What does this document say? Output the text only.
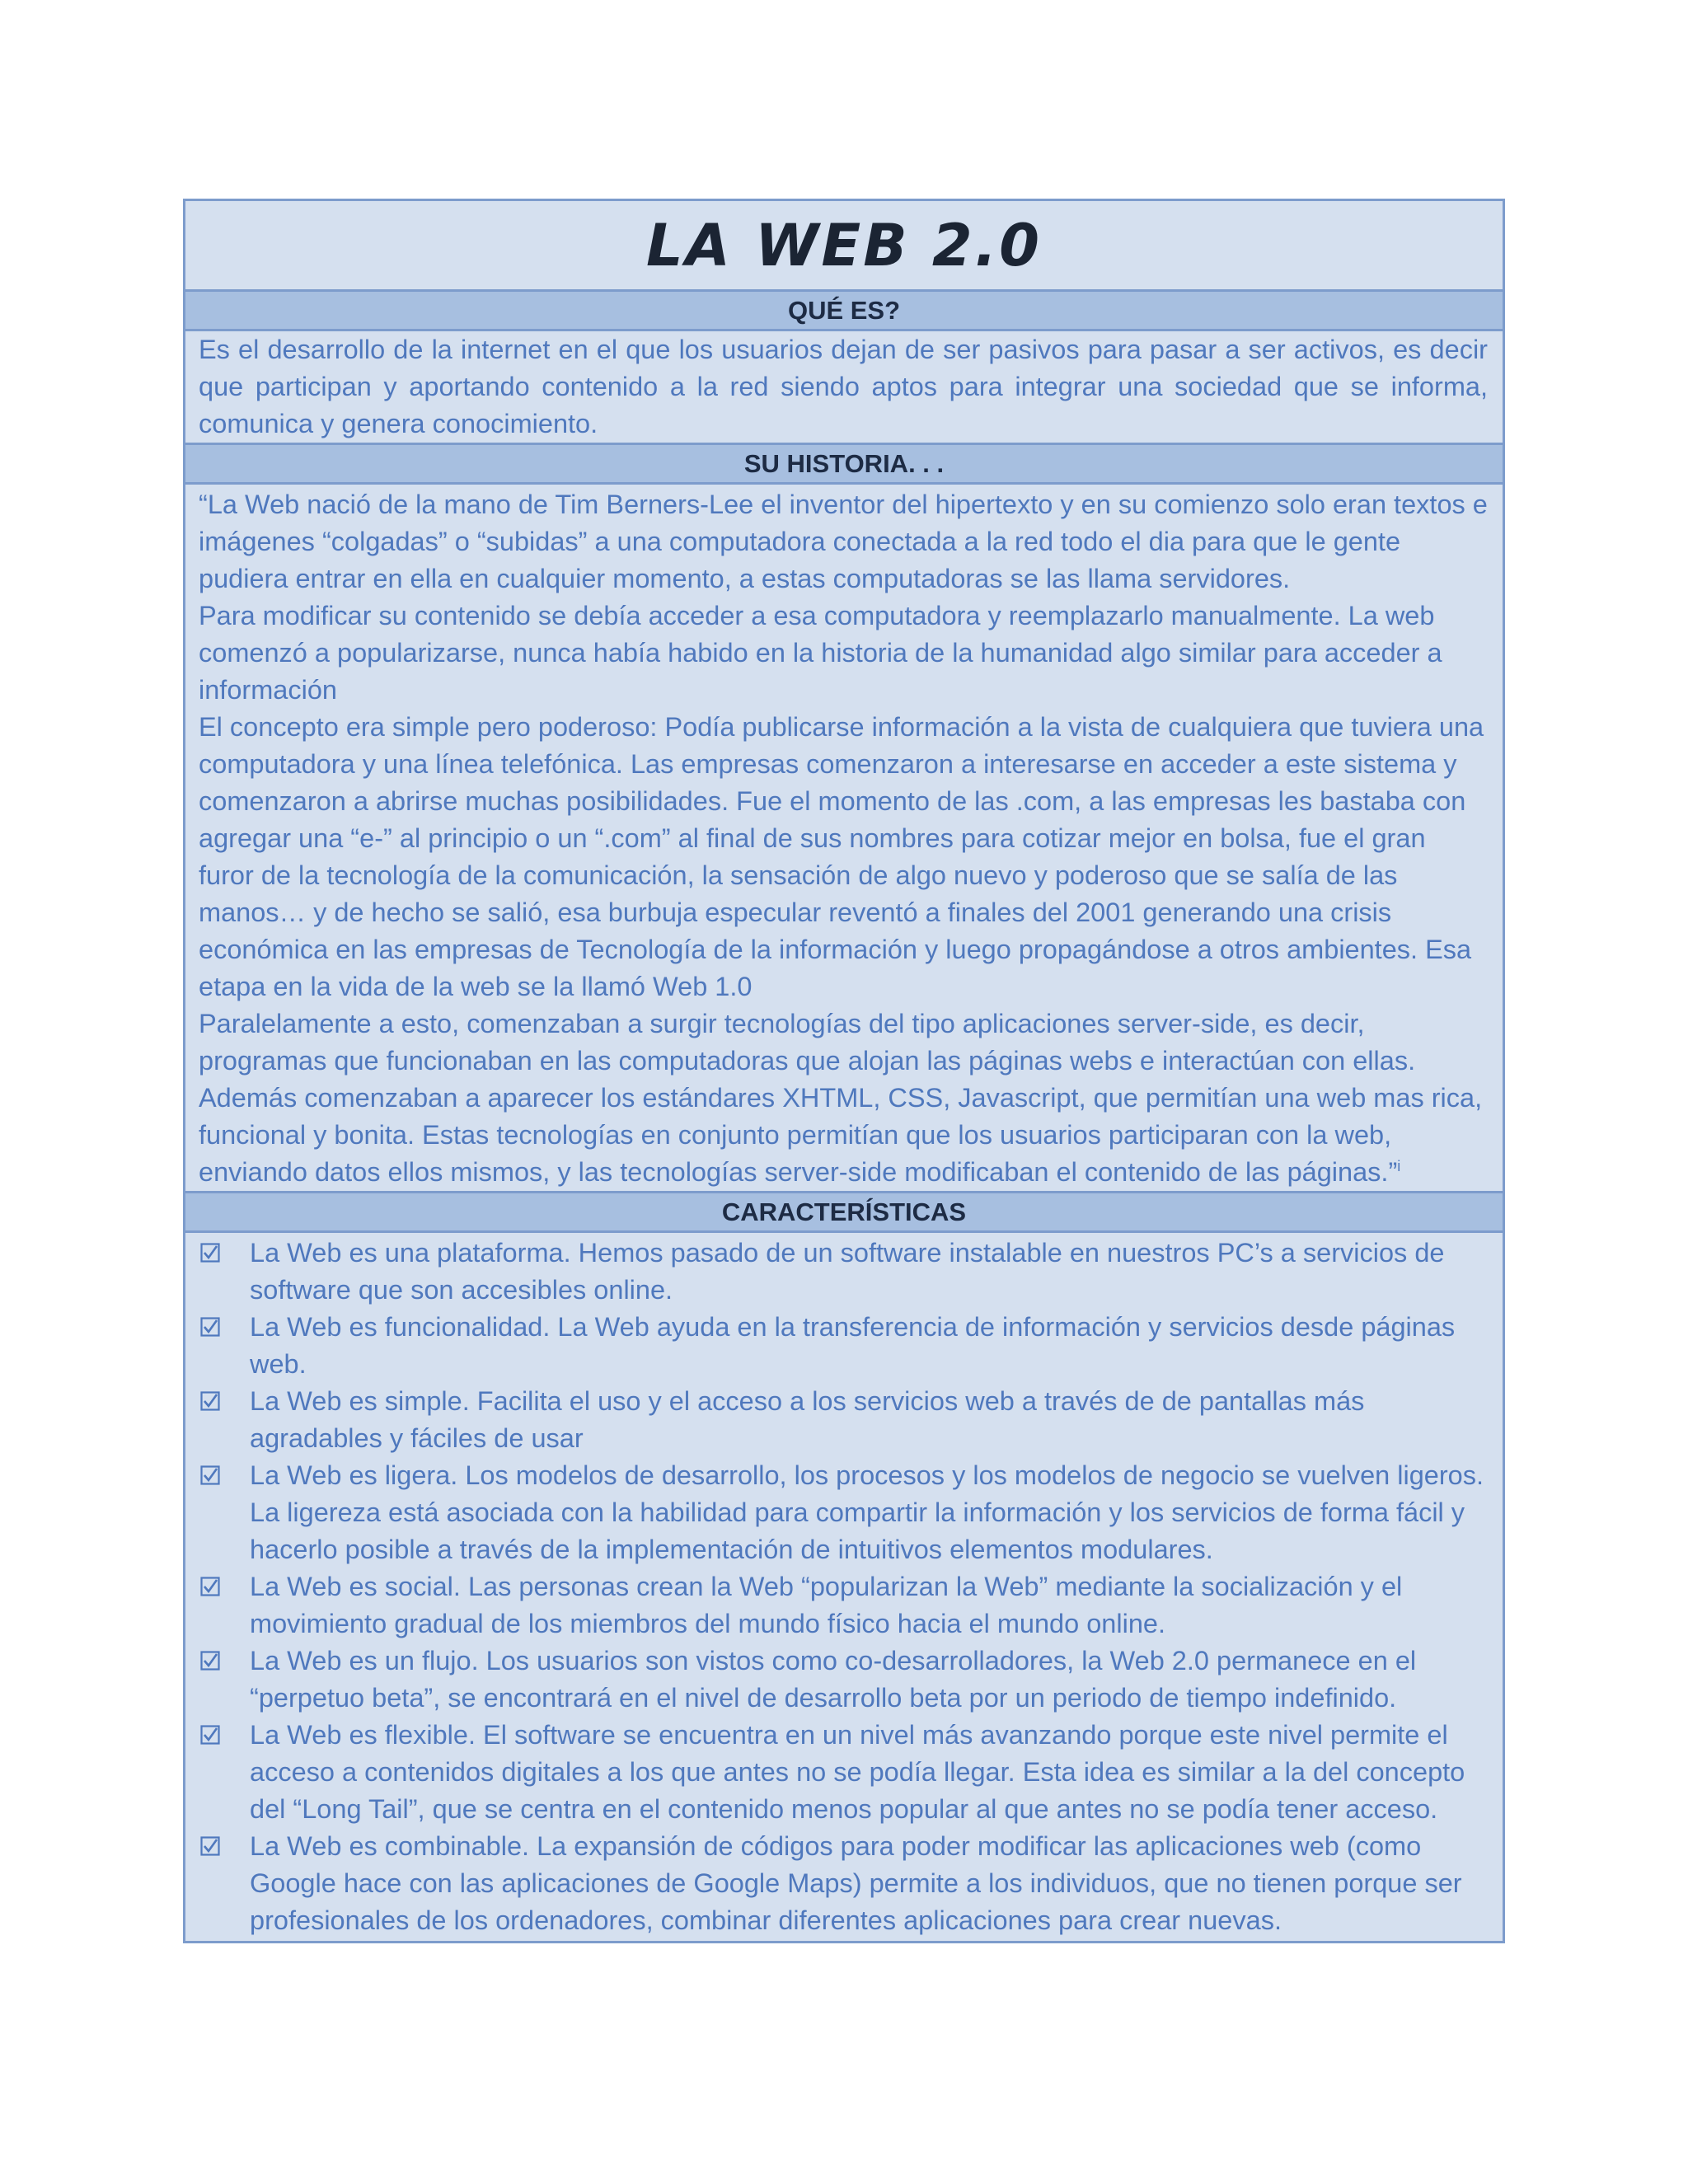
LA WEB 2.0
QUÉ ES?

Es el desarrollo de la internet en el que los usuarios dejan de ser pasivos para pasar a ser activos, es decir que participan y aportando contenido a la red siendo aptos para integrar una sociedad que se informa, comunica y genera conocimiento.

SU HISTORIA. . .

“La Web nació de la mano de Tim Berners-Lee el inventor del hipertexto y en su comienzo solo eran textos e imágenes “colgadas” o “subidas” a una computadora conectada a la red todo el dia para que le gente pudiera entrar en ella en cualquier momento, a estas computadoras se las llama servidores.

Para modificar su contenido se debía acceder a esa computadora y reemplazarlo manualmente. La web comenzó a popularizarse, nunca había habido en la historia de la humanidad algo similar para acceder a información

El concepto era simple pero poderoso: Podía publicarse información a la vista de cualquiera que tuviera una computadora y una línea telefónica. Las empresas comenzaron a interesarse en acceder a este sistema y comenzaron a abrirse muchas posibilidades. Fue el momento de las .com, a las empresas les bastaba con agregar una “e-” al principio o un “.com” al final de sus nombres para cotizar mejor en bolsa, fue el gran furor de la tecnología de la comunicación, la sensación de algo nuevo y poderoso que se salía de las manos… y de hecho se salió, esa burbuja especular reventó a finales del 2001 generando una crisis económica en las empresas de Tecnología de la información y luego propagándose a otros ambientes. Esa etapa en la vida de la web se la llamó Web 1.0

Paralelamente a esto, comenzaban a surgir tecnologías del tipo aplicaciones server-side, es decir, programas que funcionaban en las computadoras que alojan las páginas webs e interactúan con ellas. Además comenzaban a aparecer los estándares XHTML, CSS, Javascript, que permitían una web mas rica, funcional y bonita. Estas tecnologías en conjunto permitían que los usuarios participaran con la web, enviando datos ellos mismos, y las tecnologías server-side modificaban el contenido de las páginas.”$^i$

CARACTERÍSTICAS
La Web es una plataforma. Hemos pasado de un software instalable en nuestros PC’s a servicios de software que son accesibles online.
La Web es funcionalidad. La Web ayuda en la transferencia de información y servicios desde páginas web.
La Web es simple. Facilita el uso y el acceso a los servicios web a través de de pantallas más agradables y fáciles de usar
La Web es ligera. Los modelos de desarrollo, los procesos y los modelos de negocio se vuelven ligeros. La ligereza está asociada con la habilidad para compartir la información y los servicios de forma fácil y hacerlo posible a través de la implementación de intuitivos elementos modulares.
La Web es social. Las personas crean la Web “popularizan la Web” mediante la socialización y el movimiento gradual de los miembros del mundo físico hacia el mundo online.
La Web es un flujo. Los usuarios son vistos como co-desarrolladores, la Web 2.0 permanece en el “perpetuo beta”, se encontrará en el nivel de desarrollo beta por un periodo de tiempo indefinido.
La Web es flexible. El software se encuentra en un nivel más avanzando porque este nivel permite el acceso a contenidos digitales a los que antes no se podía llegar. Esta idea es similar a la del concepto del “Long Tail”, que se centra en el contenido menos popular al que antes no se podía tener acceso.
La Web es combinable. La expansión de códigos para poder modificar las aplicaciones web (como Google hace con las aplicaciones de Google Maps) permite a los individuos, que no tienen porque ser profesionales de los ordenadores, combinar diferentes aplicaciones para crear nuevas.
